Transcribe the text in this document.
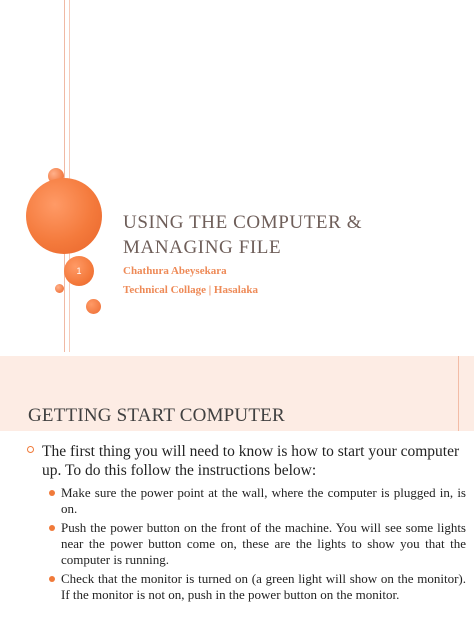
1
USING THE COMPUTER & MANAGING FILE

Chathura Abeysekara

Technical Collage | Hasalaka

GETTING START COMPUTER

The first thing you will need to know is how to start your computer up. To do this follow the instructions below:

Make sure the power point at the wall, where the computer is plugged in, is on.

Push the power button on the front of the machine. You will see some lights near the power button come on, these are the lights to show you that the computer is running.

Check that the monitor is turned on (a green light will show on the monitor). If the monitor is not on, push in the power button on the monitor.
